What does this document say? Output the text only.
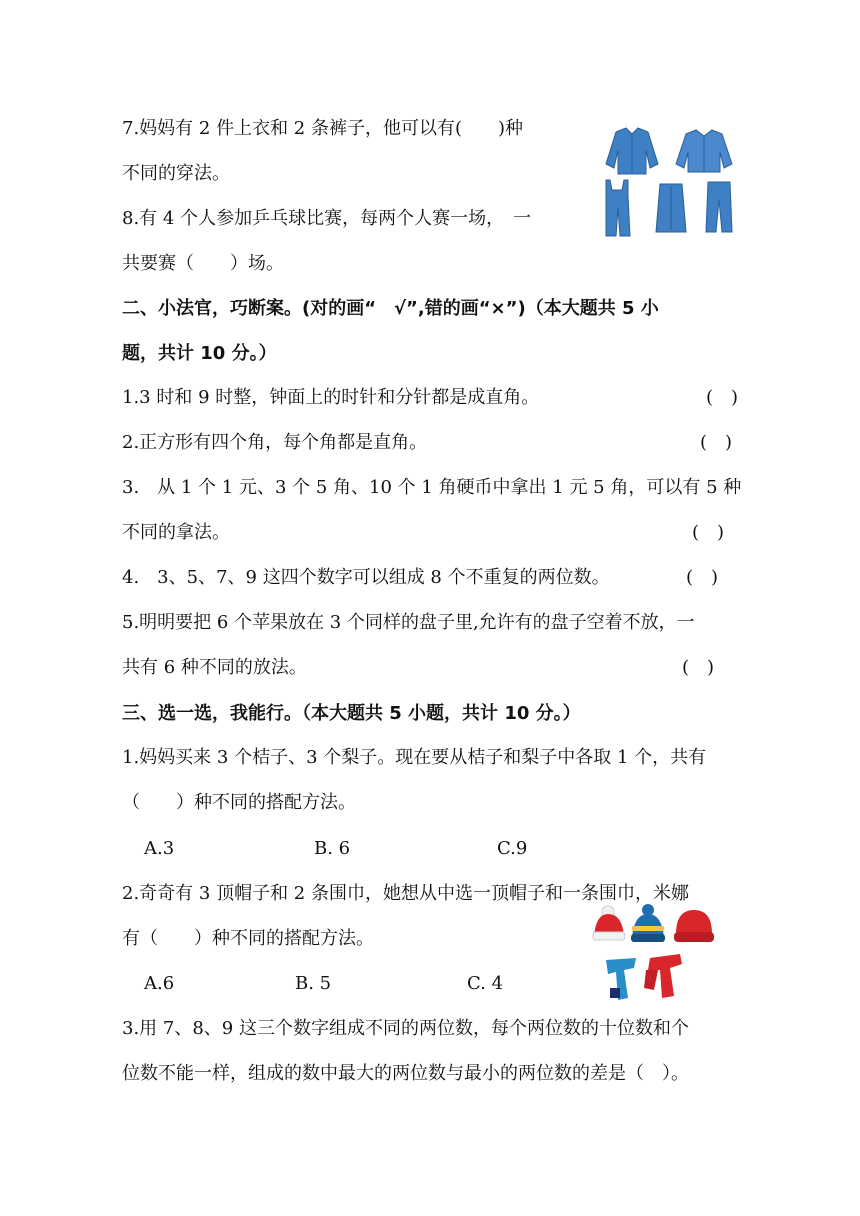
7.妈妈有 2 件上衣和 2 条裤子，他可以有(　　)种
不同的穿法。
8.有 4 个人参加乒乓球比赛，每两个人赛一场，　一
共要赛（　　）场。
二、小法官，巧断案。(对的画“　√”,错的画“×”)（本大题共 5 小
题，共计 10 分。）
1.3 时和 9 时整，钟面上的时针和分针都是成直角。	(　)
2.正方形有四个角，每个角都是直角。	(　)
3.　从 1 个 1 元、3 个 5 角、10 个 1 角硬币中拿出 1 元 5 角，可以有 5 种
不同的拿法。	(　)
4.　3、5、7、9 这四个数字可以组成 8 个不重复的两位数。	(　)
5.明明要把 6 个苹果放在 3 个同样的盘子里,允许有的盘子空着不放，一
共有 6 种不同的放法。	(　)
三、选一选，我能行。（本大题共 5 小题，共计 10 分。）
1.妈妈买来 3 个桔子、3 个梨子。现在要从桔子和梨子中各取 1 个，共有
（　　）种不同的搭配方法。
A.3	B. 6	C.9
2.奇奇有 3 顶帽子和 2 条围巾，她想从中选一顶帽子和一条围巾，米娜
有（　　）种不同的搭配方法。
A.6	B. 5	C. 4
3.用 7、8、9 这三个数字组成不同的两位数，每个两位数的十位数和个
位数不能一样，组成的数中最大的两位数与最小的两位数的差是（　）。
